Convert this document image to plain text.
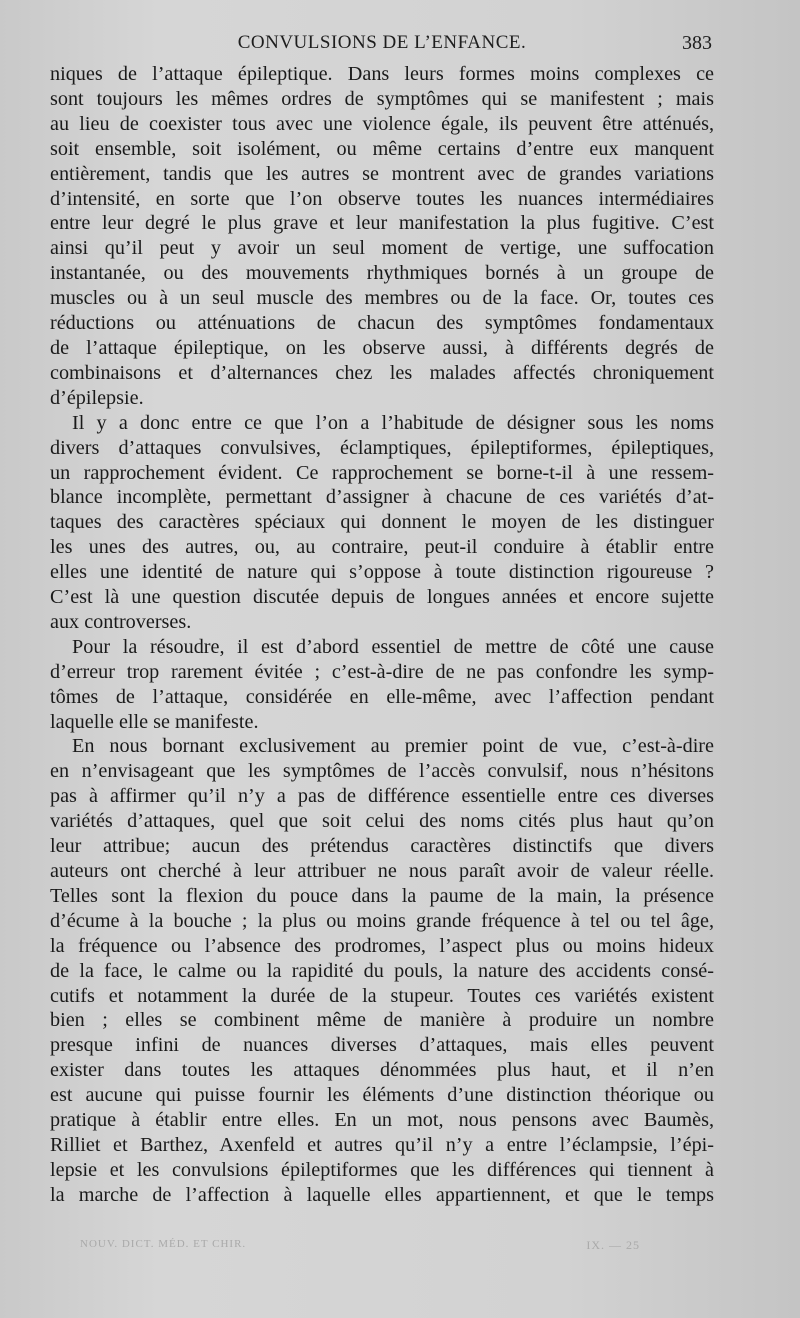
CONVULSIONS DE L’ENFANCE.	383
niques de l’attaque épileptique. Dans leurs formes moins complexes ce
sont toujours les mêmes ordres de symptômes qui se manifestent ; mais
au lieu de coexister tous avec une violence égale, ils peuvent être atténués,
soit ensemble, soit isolément, ou même certains d’entre eux manquent
entièrement, tandis que les autres se montrent avec de grandes variations
d’intensité, en sorte que l’on observe toutes les nuances intermédiaires
entre leur degré le plus grave et leur manifestation la plus fugitive. C’est
ainsi qu’il peut y avoir un seul moment de vertige, une suffocation
instantanée, ou des mouvements rhythmiques bornés à un groupe de
muscles ou à un seul muscle des membres ou de la face. Or, toutes ces
réductions ou atténuations de chacun des symptômes fondamentaux
de l’attaque épileptique, on les observe aussi, à différents degrés de
combinaisons et d’alternances chez les malades affectés chroniquement
d’épilepsie.
Il y a donc entre ce que l’on a l’habitude de désigner sous les noms
divers d’attaques convulsives, éclamptiques, épileptiformes, épileptiques,
un rapprochement évident. Ce rapprochement se borne-t-il à une ressem-
blance incomplète, permettant d’assigner à chacune de ces variétés d’at-
taques des caractères spéciaux qui donnent le moyen de les distinguer
les unes des autres, ou, au contraire, peut-il conduire à établir entre
elles une identité de nature qui s’oppose à toute distinction rigoureuse ?
C’est là une question discutée depuis de longues années et encore sujette
aux controverses.
Pour la résoudre, il est d’abord essentiel de mettre de côté une cause
d’erreur trop rarement évitée ; c’est-à-dire de ne pas confondre les symp-
tômes de l’attaque, considérée en elle-même, avec l’affection pendant
laquelle elle se manifeste.
En nous bornant exclusivement au premier point de vue, c’est-à-dire
en n’envisageant que les symptômes de l’accès convulsif, nous n’hésitons
pas à affirmer qu’il n’y a pas de différence essentielle entre ces diverses
variétés d’attaques, quel que soit celui des noms cités plus haut qu’on
leur attribue; aucun des prétendus caractères distinctifs que divers
auteurs ont cherché à leur attribuer ne nous paraît avoir de valeur réelle.
Telles sont la flexion du pouce dans la paume de la main, la présence
d’écume à la bouche ; la plus ou moins grande fréquence à tel ou tel âge,
la fréquence ou l’absence des prodromes, l’aspect plus ou moins hideux
de la face, le calme ou la rapidité du pouls, la nature des accidents consé-
cutifs et notamment la durée de la stupeur. Toutes ces variétés existent
bien ; elles se combinent même de manière à produire un nombre
presque infini de nuances diverses d’attaques, mais elles peuvent
exister dans toutes les attaques dénommées plus haut, et il n’en
est aucune qui puisse fournir les éléments d’une distinction théorique ou
pratique à établir entre elles. En un mot, nous pensons avec Baumès,
Rilliet et Barthez, Axenfeld et autres qu’il n’y a entre l’éclampsie, l’épi-
lepsie et les convulsions épileptiformes que les différences qui tiennent à
la marche de l’affection à laquelle elles appartiennent, et que le temps
NOUV. DICT. MÉD. ET CHIR.	IX. — 25
